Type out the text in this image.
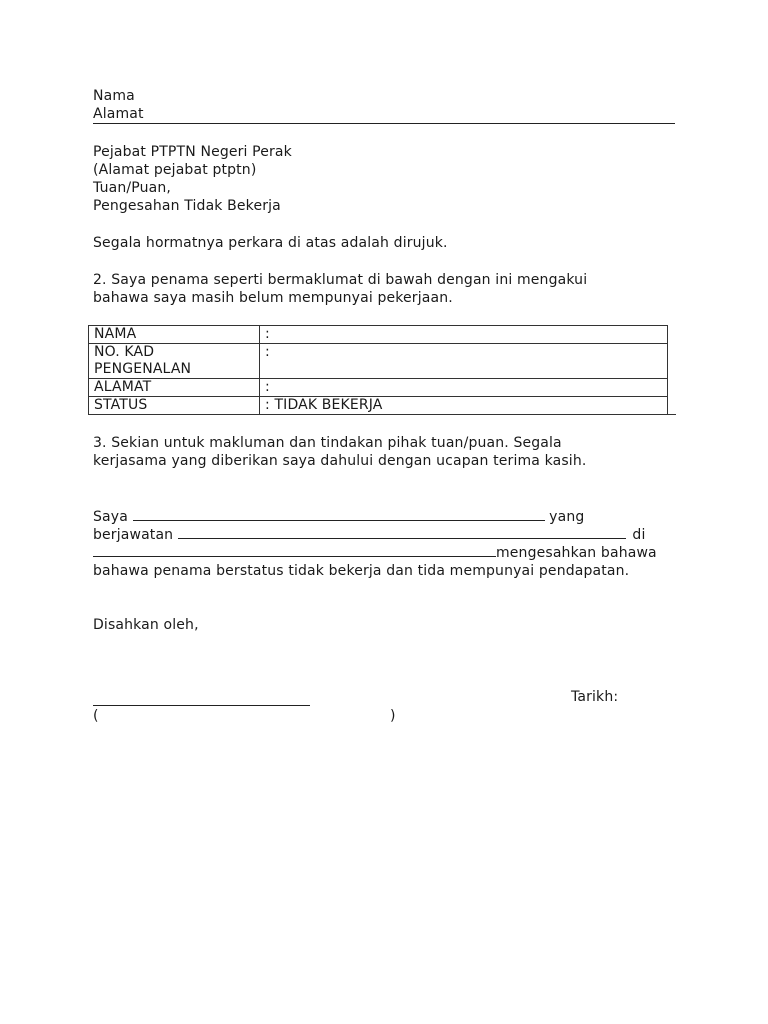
Nama
Alamat
Pejabat PTPTN Negeri Perak
(Alamat pejabat ptptn)
Tuan/Puan,
Pengesahan Tidak Bekerja
Segala hormatnya perkara di atas adalah dirujuk.
2. Saya penama seperti bermaklumat di bawah dengan ini mengakui
bahawa saya masih belum mempunyai pekerjaan.
NAMA	:
NO. KAD PENGENALAN	:
ALAMAT	:
STATUS	: TIDAK BEKERJA
3. Sekian untuk makluman dan tindakan pihak tuan/puan. Segala
kerjasama yang diberikan saya dahului dengan ucapan terima kasih.
Saya	yang
berjawatan	di
mengesahkan bahawa
bahawa penama berstatus tidak bekerja dan tida mempunyai pendapatan.
Disahkan oleh,
Tarikh:
(	)
